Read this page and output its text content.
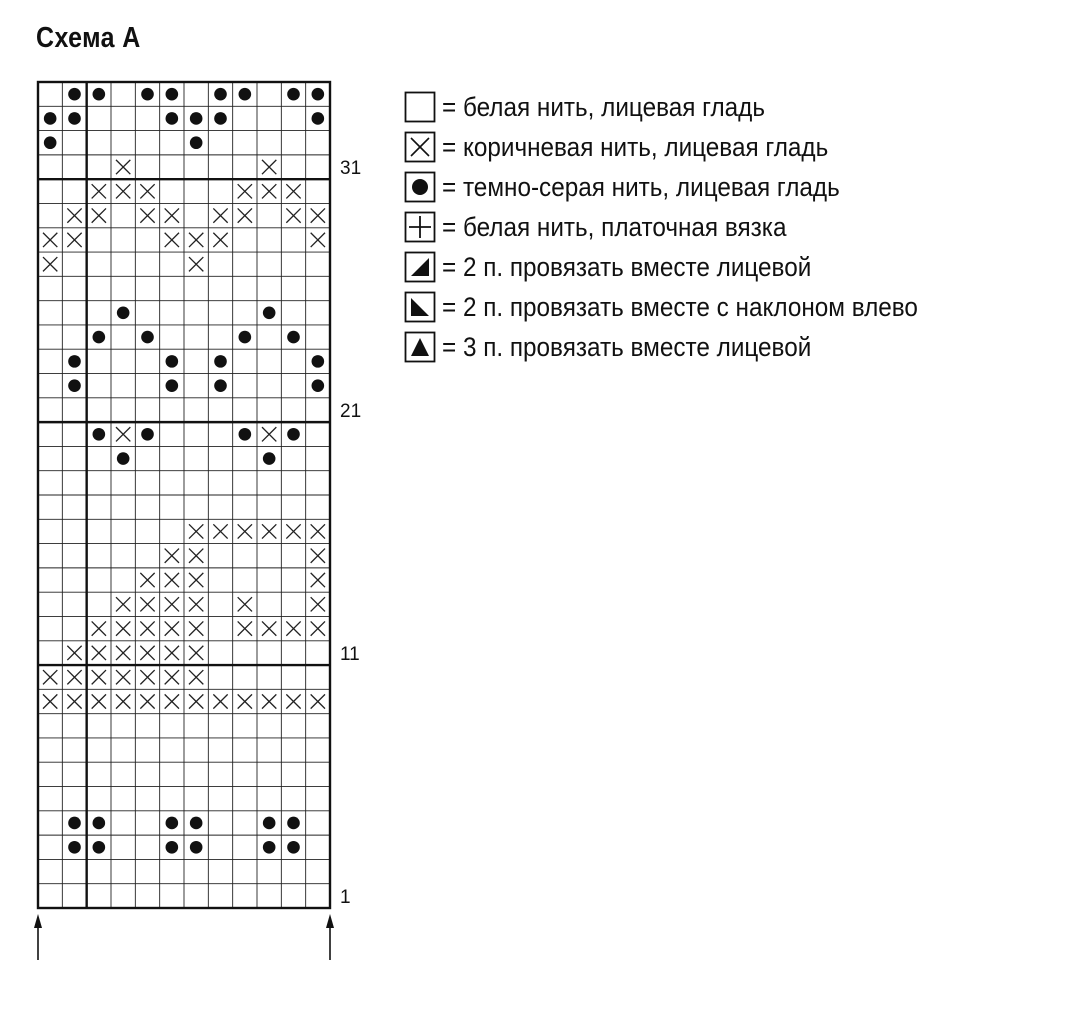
Схема А
1
11
21
31
= белая нить, лицевая гладь
= коричневая нить, лицевая гладь
= темно-серая нить, лицевая гладь
= белая нить, платочная вязка
= 2 п. провязать вместе лицевой
= 2 п. провязать вместе с наклоном влево
= 3 п. провязать вместе лицевой
